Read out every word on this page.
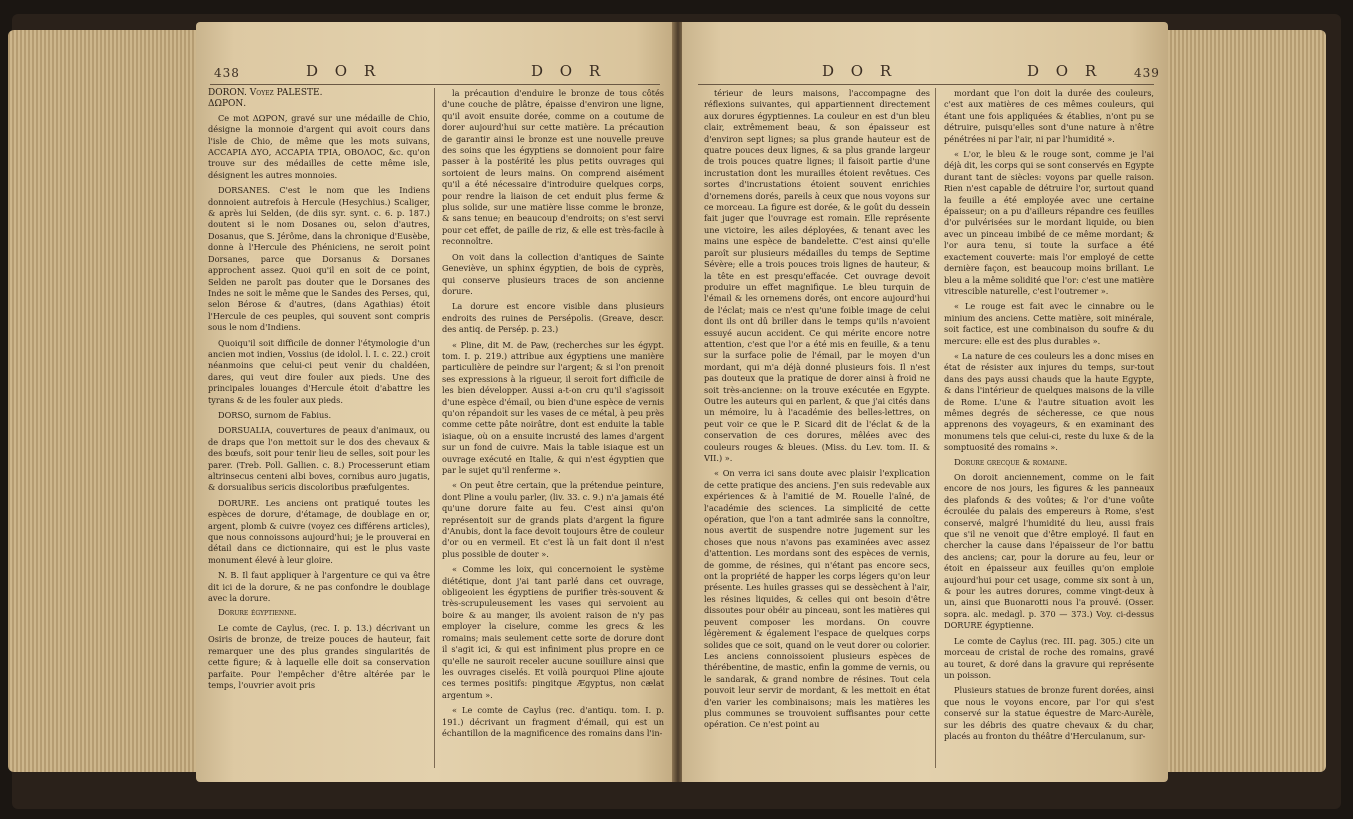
438	D O R	D O R
DORON. Voyez PALESTE.
ΔΩΡΟΝ.

Ce mot ΔΩΡΟΝ, gravé sur une médaille de Chio, désigne la monnoie d'argent qui avoit cours dans l'isle de Chio, de même que les mots suivans, ΑCCAPIA ΔΥΟ, ΑCCAPIA TPIA, OBOΛΟC, &c. qu'on trouve sur des médailles de cette même isle, désignent les autres monnoies.

DORSANES. C'est le nom que les Indiens donnoient autrefois à Hercule (Hesychius.) Scaliger, & après lui Selden, (de diis syr. synt. c. 6. p. 187.) doutent si le nom Dosanes ou, selon d'autres, Dosanus, que S. Jérôme, dans la chronique d'Eusèbe, donne à l'Hercule des Phéniciens, ne seroit point Dorsanes, parce que Dorsanus & Dorsanes approchent assez. Quoi qu'il en soit de ce point, Selden ne paroît pas douter que le Dorsanes des Indes ne soit le même que le Sandes des Perses, qui, selon Bérose & d'autres, (dans Agathias) étoit l'Hercule de ces peuples, qui souvent sont compris sous le nom d'Indiens.

Quoiqu'il soit difficile de donner l'étymologie d'un ancien mot indien, Vossius (de idolol. l. I. c. 22.) croit néanmoins que celui-ci peut venir du chaldéen, dares, qui veut dire fouler aux pieds. Une des principales louanges d'Hercule étoit d'abattre les tyrans & de les fouler aux pieds.

DORSO, surnom de Fabius.

DORSUALIA, couvertures de peaux d'animaux, ou de draps que l'on mettoit sur le dos des chevaux & des bœufs, soit pour tenir lieu de selles, soit pour les parer. (Treb. Poll. Gallien. c. 8.) Processerunt etiam altrinsecus centeni albi boves, cornibus auro jugatis, & dorsualibus sericis discoloribus præfulgentes.

DORURE. Les anciens ont pratiqué toutes les espèces de dorure, d'étamage, de doublage en or, argent, plomb & cuivre (voyez ces différens articles), que nous connoissons aujourd'hui; je le prouverai en détail dans ce dictionnaire, qui est le plus vaste monument élevé à leur gloire.

N. B. Il faut appliquer à l'argenture ce qui va être dit ici de la dorure, & ne pas confondre le doublage avec la dorure.

Dorure égyptienne.

Le comte de Caylus, (rec. I. p. 13.) décrivant un Osiris de bronze, de treize pouces de hauteur, fait remarquer une des plus grandes singularités de cette figure; & à laquelle elle doit sa conservation parfaite. Pour l'empêcher d'être altérée par le temps, l'ouvrier avoit pris

la précaution d'enduire le bronze de tous côtés d'une couche de plâtre, épaisse d'environ une ligne, qu'il avoit ensuite dorée, comme on a coutume de dorer aujourd'hui sur cette matière. La précaution de garantir ainsi le bronze est une nouvelle preuve des soins que les égyptiens se donnoient pour faire passer à la postérité les plus petits ouvrages qui sortoient de leurs mains. On comprend aisément qu'il a été nécessaire d'introduire quelques corps, pour rendre la liaison de cet enduit plus ferme & plus solide, sur une matière lisse comme le bronze, & sans tenue; en beaucoup d'endroits; on s'est servi pour cet effet, de paille de riz, & elle est très-facile à reconnoître.

On voit dans la collection d'antiques de Sainte Geneviève, un sphinx égyptien, de bois de cyprès, qui conserve plusieurs traces de son ancienne dorure.

La dorure est encore visible dans plusieurs endroits des ruines de Persépolis. (Greave, descr. des antiq. de Persép. p. 23.)

« Pline, dit M. de Paw, (recherches sur les égypt. tom. I. p. 219.) attribue aux égyptiens une manière particulière de peindre sur l'argent; & si l'on prenoit ses expressions à la rigueur, il seroit fort difficile de les bien développer. Aussi a-t-on cru qu'il s'agissoit d'une espèce d'émail, ou bien d'une espèce de vernis qu'on répandoit sur les vases de ce métal, à peu près comme cette pâte noirâtre, dont est enduite la table isiaque, où on a ensuite incrusté des lames d'argent sur un fond de cuivre. Mais la table isiaque est un ouvrage exécuté en Italie, & qui n'est égyptien que par le sujet qu'il renferme ».

« On peut être certain, que la prétendue peinture, dont Pline a voulu parler, (liv. 33. c. 9.) n'a jamais été qu'une dorure faite au feu. C'est ainsi qu'on représentoit sur de grands plats d'argent la figure d'Anubis, dont la face devoit toujours être de couleur d'or ou en vermeil. Et c'est là un fait dont il n'est plus possible de douter ».

« Comme les loix, qui concernoient le système diététique, dont j'ai tant parlé dans cet ouvrage, obligeoient les égyptiens de purifier très-souvent & très-scrupuleusement les vases qui servoient au boire & au manger, ils avoient raison de n'y pas employer la ciselure, comme les grecs & les romains; mais seulement cette sorte de dorure dont il s'agit ici, & qui est infiniment plus propre en ce qu'elle ne sauroit receler aucune souillure ainsi que les ouvrages ciselés. Et voilà pourquoi Pline ajoute ces termes positifs: pingitque Ægyptus, non cælat argentum ».

« Le comte de Caylus (rec. d'antiqu. tom. I. p. 191.) décrivant un fragment d'émail, qui est un échantillon de la magnificence des romains dans l'in-

D O R	D O R	439

térieur de leurs maisons, l'accompagne des réflexions suivantes, qui appartiennent directement aux dorures égyptiennes. La couleur en est d'un bleu clair, extrêmement beau, & son épaisseur est d'environ sept lignes; sa plus grande hauteur est de quatre pouces deux lignes, & sa plus grande largeur de trois pouces quatre lignes; il faisoit partie d'une incrustation dont les murailles étoient revêtues. Ces sortes d'incrustations étoient souvent enrichies d'ornemens dorés, pareils à ceux que nous voyons sur ce morceau. La figure est dorée, & le goût du dessein fait juger que l'ouvrage est romain. Elle représente une victoire, les ailes déployées, & tenant avec les mains une espèce de bandelette. C'est ainsi qu'elle paroît sur plusieurs médailles du temps de Septime Sévère; elle a trois pouces trois lignes de hauteur, & la tête en est presqu'effacée. Cet ouvrage devoit produire un effet magnifique. Le bleu turquin de l'émail & les ornemens dorés, ont encore aujourd'hui de l'éclat; mais ce n'est qu'une foible image de celui dont ils ont dû briller dans le temps qu'ils n'avoient essuyé aucun accident. Ce qui mérite encore notre attention, c'est que l'or a été mis en feuille, & a tenu sur la surface polie de l'émail, par le moyen d'un mordant, qui m'a déjà donné plusieurs fois. Il n'est pas douteux que la pratique de dorer ainsi à froid ne soit très-ancienne: on la trouve exécutée en Egypte. Outre les auteurs qui en parlent, & que j'ai cités dans un mémoire, lu à l'académie des belles-lettres, on peut voir ce que le P. Sicard dit de l'éclat & de la conservation de ces dorures, mêlées avec des couleurs rouges & bleues. (Miss. du Lev. tom. II. & VII.) ».

« On verra ici sans doute avec plaisir l'explication de cette pratique des anciens. J'en suis redevable aux expériences & à l'amitié de M. Rouelle l'aîné, de l'académie des sciences. La simplicité de cette opération, que l'on a tant admirée sans la connoître, nous avertit de suspendre notre jugement sur les choses que nous n'avons pas examinées avec assez d'attention. Les mordans sont des espèces de vernis, de gomme, de résines, qui n'étant pas encore secs, ont la propriété de happer les corps légers qu'on leur présente. Les huiles grasses qui se dessèchent à l'air, les résines liquides, & celles qui ont besoin d'être dissoutes pour obéir au pinceau, sont les matières qui peuvent composer les mordans. On couvre légèrement & également l'espace de quelques corps solides que ce soit, quand on le veut dorer ou colorier. Les anciens connoissoient plusieurs espèces de thérébentine, de mastic, enfin la gomme de vernis, ou le sandarak, & grand nombre de résines. Tout cela pouvoit leur servir de mordant, & les mettoit en état d'en varier les combinaisons; mais les matières les plus communes se trouvoient suffisantes pour cette opération. Ce n'est point au

mordant que l'on doit la durée des couleurs, c'est aux matières de ces mêmes couleurs, qui étant une fois appliquées & établies, n'ont pu se détruire, puisqu'elles sont d'une nature à n'être pénétrées ni par l'air, ni par l'humidité ».

« L'or, le bleu & le rouge sont, comme je l'ai déjà dit, les corps qui se sont conservés en Egypte durant tant de siècles: voyons par quelle raison. Rien n'est capable de détruire l'or, surtout quand la feuille a été employée avec une certaine épaisseur; on a pu d'ailleurs répandre ces feuilles d'or pulvérisées sur le mordant liquide, ou bien avec un pinceau imbibé de ce même mordant; & l'or aura tenu, si toute la surface a été exactement couverte: mais l'or employé de cette dernière façon, est beaucoup moins brillant. Le bleu a la même solidité que l'or: c'est une matière vitrescible naturelle, c'est l'outremer ».

« Le rouge est fait avec le cinnabre ou le minium des anciens. Cette matière, soit minérale, soit factice, est une combinaison du soufre & du mercure: elle est des plus durables ».

« La nature de ces couleurs les a donc mises en état de résister aux injures du temps, sur-tout dans des pays aussi chauds que la haute Egypte, & dans l'intérieur de quelques maisons de la ville de Rome. L'une & l'autre situation avoit les mêmes degrés de sécheresse, ce que nous apprenons des voyageurs, & en examinant des monumens tels que celui-ci, reste du luxe & de la somptuosité des romains ».

Dorure grecque & romaine.

On doroit anciennement, comme on le fait encore de nos jours, les figures & les panneaux des plafonds & des voûtes; & l'or d'une voûte écroulée du palais des empereurs à Rome, s'est conservé, malgré l'humidité du lieu, aussi frais que s'il ne venoit que d'être employé. Il faut en chercher la cause dans l'épaisseur de l'or battu des anciens; car, pour la dorure au feu, leur or étoit en épaisseur aux feuilles qu'on emploie aujourd'hui pour cet usage, comme six sont à un, & pour les autres dorures, comme vingt-deux à un, ainsi que Buonarotti nous l'a prouvé. (Osser. sopra. alc. medagl. p. 370 — 373.) Voy. ci-dessus DORURE égyptienne.

Le comte de Caylus (rec. III. pag. 305.) cite un morceau de cristal de roche des romains, gravé au touret, & doré dans la gravure qui représente un poisson.

Plusieurs statues de bronze furent dorées, ainsi que nous le voyons encore, par l'or qui s'est conservé sur la statue équestre de Marc-Aurèle, sur les débris des quatre chevaux & du char, placés au fronton du théâtre d'Herculanum, sur-
